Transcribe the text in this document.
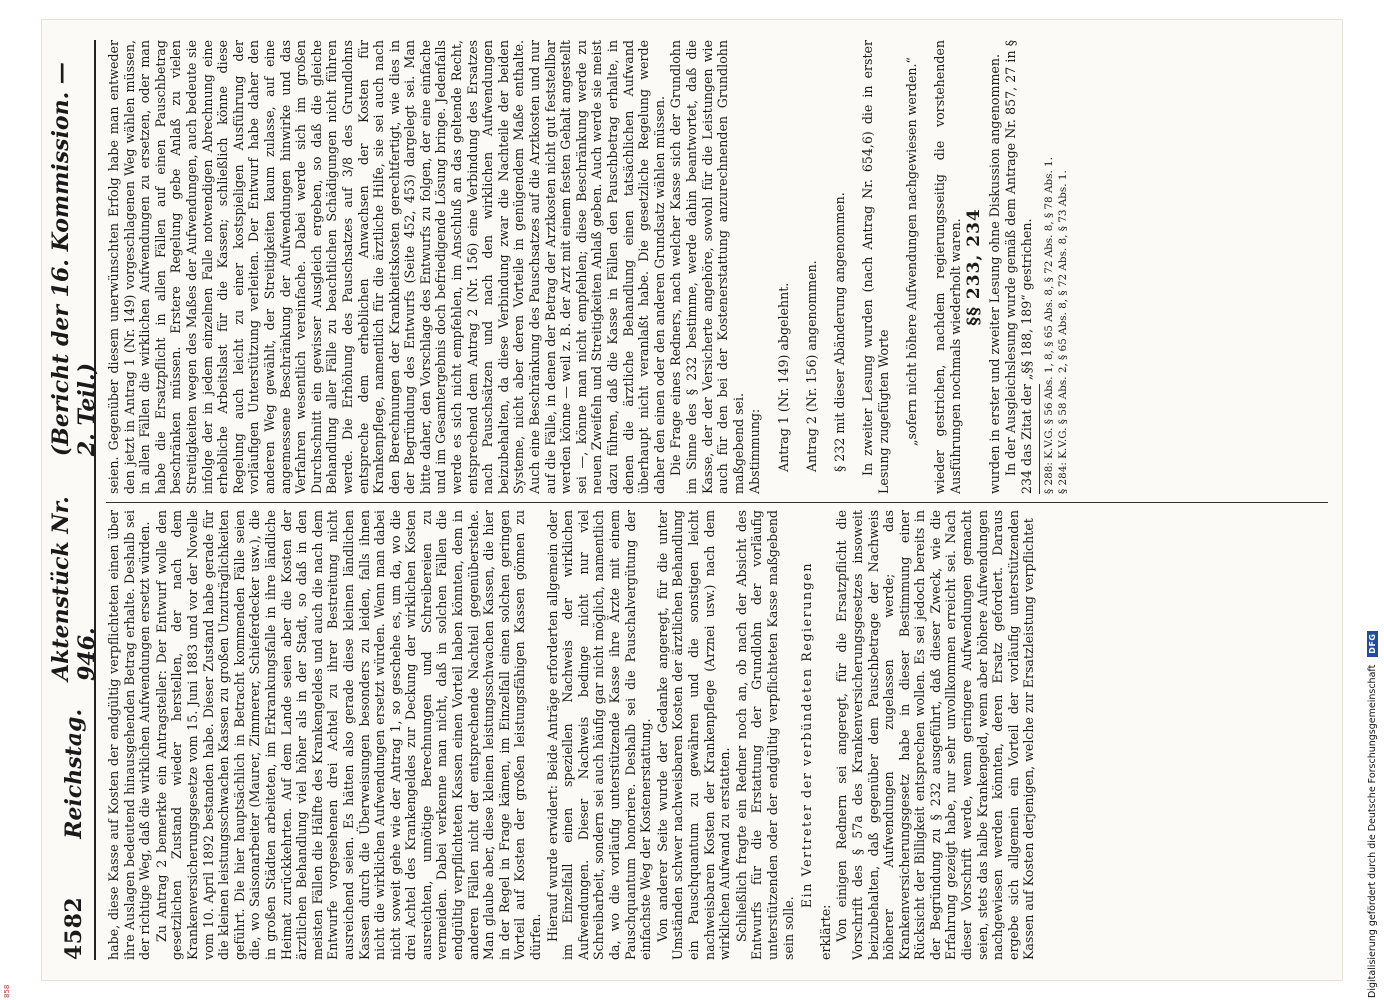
4582
Reichstag.
Aktenstück Nr. 946.
(Bericht der 16. Kommission. — 2. Teil.)

habe, diese Kasse auf Kosten der endgültig verpflichteten einen über ihre Auslagen bedeutend hinausgehenden Betrag erhalte. Deshalb sei der richtige Weg, daß die wirklichen Aufwendungen ersetzt würden. Zu Antrag 2 bemerkte ein Antragsteller: Der Entwurf wolle den gesetzlichen Zustand wieder herstellen, der nach dem Krankenversicherungsgesetze vom 15. Juni 1883 und vor der Novelle vom 10. April 1892 bestanden habe. Dieser Zustand habe gerade für die kleinen leistungsschwachen Kassen zu großen Unzuträglichkeiten geführt. Die hier hauptsächlich in Betracht kommenden Fälle seien die, wo Saisonarbeiter (Maurer, Zimmerer, Schieferdecker usw.), die in großen Städten arbeiteten, im Erkrankungsfalle in ihre ländliche Heimat zurückkehrten. Auf dem Lande seien aber die Kosten der ärztlichen Behandlung viel höher als in der Stadt, so daß in den meisten Fällen die Hälfte des Krankengeldes und auch die nach dem Entwurfe vorgesehenen drei Achtel zu ihrer Bestreitung nicht ausreichend seien. Es hätten also gerade diese kleinen ländlichen Kassen durch die Überweisungen besonders zu leiden, falls ihnen nicht die wirklichen Aufwendungen ersetzt würden. Wenn man dabei nicht soweit gehe wie der Antrag 1, so geschehe es, um da, wo die drei Achtel des Krankengeldes zur Deckung der wirklichen Kosten ausreichten, unnötige Berechnungen und Schreibereien zu vermeiden. Dabei verkenne man nicht, daß in solchen Fällen die endgültig verpflichteten Kassen einen Vorteil haben könnten, dem in anderen Fällen nicht der entsprechende Nachteil gegenüberstehe. Man glaube aber, diese kleinen leistungsschwachen Kassen, die hier in der Regel in Frage kämen, im Einzelfall einen solchen geringen Vorteil auf Kosten der großen leistungsfähigen Kassen gönnen zu dürfen. Hierauf wurde erwidert: Beide Anträge erforderten allgemein oder im Einzelfall einen speziellen Nachweis der wirklichen Aufwendungen. Dieser Nachweis bedinge nicht nur viel Schreibarbeit, sondern sei auch häufig gar nicht möglich, namentlich da, wo die vorläufig unterstützende Kasse ihre Ärzte mit einem Pauschquantum honoriere. Deshalb sei die Pauschalvergütung der einfachste Weg der Kostenerstattung. Von anderer Seite wurde der Gedanke angeregt, für die unter Umständen schwer nachweisbaren Kosten der ärztlichen Behandlung ein Pauschquantum zu gewähren und die sonstigen leicht nachweisbaren Kosten der Krankenpflege (Arznei usw.) nach dem wirklichen Aufwand zu erstatten. Schließlich fragte ein Redner noch an, ob nach der Absicht des Entwurfs für die Erstattung der Grundlohn der vorläufig unterstützenden oder der endgültig verpflichteten Kasse maßgebend sein solle.

Ein Vertreter der verbündeten Regierungen

erklärte: Von einigen Rednern sei angeregt, für die Ersatzpflicht die Vorschrift des § 57a des Krankenversicherungsgesetzes insoweit beizubehalten, daß gegenüber dem Pauschbetrage der Nachweis höherer Aufwendungen zugelassen werde; das Krankenversicherungsgesetz habe in dieser Bestimmung einer Rücksicht der Billigkeit entsprechen wollen. Es sei jedoch bereits in der Begründung zu § 232 ausgeführt, daß dieser Zweck, wie die Erfahrung gezeigt habe, nur sehr unvollkommen erreicht sei. Nach dieser Vorschrift werde, wenn geringere Aufwendungen gemacht seien, stets das halbe Krankengeld, wenn aber höhere Aufwendungen nachgewiesen werden könnten, deren Ersatz gefordert. Daraus ergebe sich allgemein ein Vorteil der vorläufig unterstützenden Kassen auf Kosten derjenigen, welche zur Ersatzleistung verpflichtet

seien. Gegenüber diesem unerwünschten Erfolg habe man entweder den jetzt in Antrag 1 (Nr. 149) vorgeschlagenen Weg wählen müssen, in allen Fällen die wirklichen Aufwendungen zu ersetzen, oder man habe die Ersatzpflicht in allen Fällen auf einen Pauschbetrag beschränken müssen. Erstere Regelung gebe Anlaß zu vielen Streitigkeiten wegen des Maßes der Aufwendungen, auch bedeute sie infolge der in jedem einzelnen Falle notwendigen Abrechnung eine erhebliche Arbeitslast für die Kassen; schließlich könne diese Regelung auch leicht zu einer kostspieligen Ausführung der vorläufigen Unterstützung verleiten. Der Entwurf habe daher den anderen Weg gewählt, der Streitigkeiten kaum zulasse, auf eine angemessene Beschränkung der Aufwendungen hinwirke und das Verfahren wesentlich vereinfache. Dabei werde sich im großen Durchschnitt ein gewisser Ausgleich ergeben, so daß die gleiche Behandlung aller Fälle zu beachtlichen Schädigungen nicht führen werde. Die Erhöhung des Pauschsatzes auf 3/8 des Grundlohns entspreche dem erheblichen Anwachsen der Kosten für Krankenpflege, namentlich für die ärztliche Hilfe, sie sei auch nach den Berechnungen der Krankheitskosten gerechtfertigt, wie dies in der Begründung des Entwurfs (Seite 452, 453) dargelegt sei. Man bitte daher, den Vorschlage des Entwurfs zu folgen, der eine einfache und im Gesamtergebnis doch befriedigende Lösung bringe. Jedenfalls werde es sich nicht empfehlen, im Anschluß an das geltende Recht, entsprechend dem Antrag 2 (Nr. 156) eine Verbindung des Ersatzes nach Pauschsätzen und nach den wirklichen Aufwendungen beizubehalten, da diese Verbindung zwar die Nachteile der beiden Systeme, nicht aber deren Vorteile in genügendem Maße enthalte. Auch eine Beschränkung des Pauschsatzes auf die Arztkosten und nur auf die Fälle, in denen der Betrag der Arztkosten nicht gut feststellbar werden könne — weil z. B. der Arzt mit einem festen Gehalt angestellt sei —, könne man nicht empfehlen; diese Beschränkung werde zu neuen Zweifeln und Streitigkeiten Anlaß geben. Auch werde sie meist dazu führen, daß die Kasse in Fällen den Pauschbetrag erhalte, in denen die ärztliche Behandlung einen tatsächlichen Aufwand überhaupt nicht veranlaßt habe. Die gesetzliche Regelung werde daher den einen oder den anderen Grundsatz wählen müssen. Die Frage eines Redners, nach welcher Kasse sich der Grundlohn im Sinne des § 232 bestimme, werde dahin beantwortet, daß die Kasse, der der Versicherte angehöre, sowohl für die Leistungen wie auch für den bei der Kostenerstattung anzurechnenden Grundlohn maßgebend sei. Abstimmung: Antrag 1 (Nr. 149) abgelehnt. Antrag 2 (Nr. 156) angenommen. § 232 mit dieser Abänderung angenommen. In zweiter Lesung wurden (nach Antrag Nr. 654,6) die in erster Lesung zugefügten Worte „sofern nicht höhere Aufwendungen nachgewiesen werden.“ wieder gestrichen, nachdem regierungsseitig die vorstehenden Ausführungen nochmals wiederholt waren. §§ 233, 234 wurden in erster und zweiter Lesung ohne Diskussion angenommen. In der Ausgleichslesung wurde gemäß dem Antrage Nr. 857, 27 in § 234 das Zitat der „§§ 188, 189“ gestrichen. § 288: K.V.G. § 56 Abs. 1, 8, § 65 Abs. 8, § 72 Abs. 8, § 78 Abs. 1. § 284: K.V.G. § 58 Abs. 2, § 65 Abs. 8, § 72 Abs. 8, § 73 Abs. 1.

Digitalisierung gefördert durch die Deutsche Forschungsgemeinschaft
DFG
858
